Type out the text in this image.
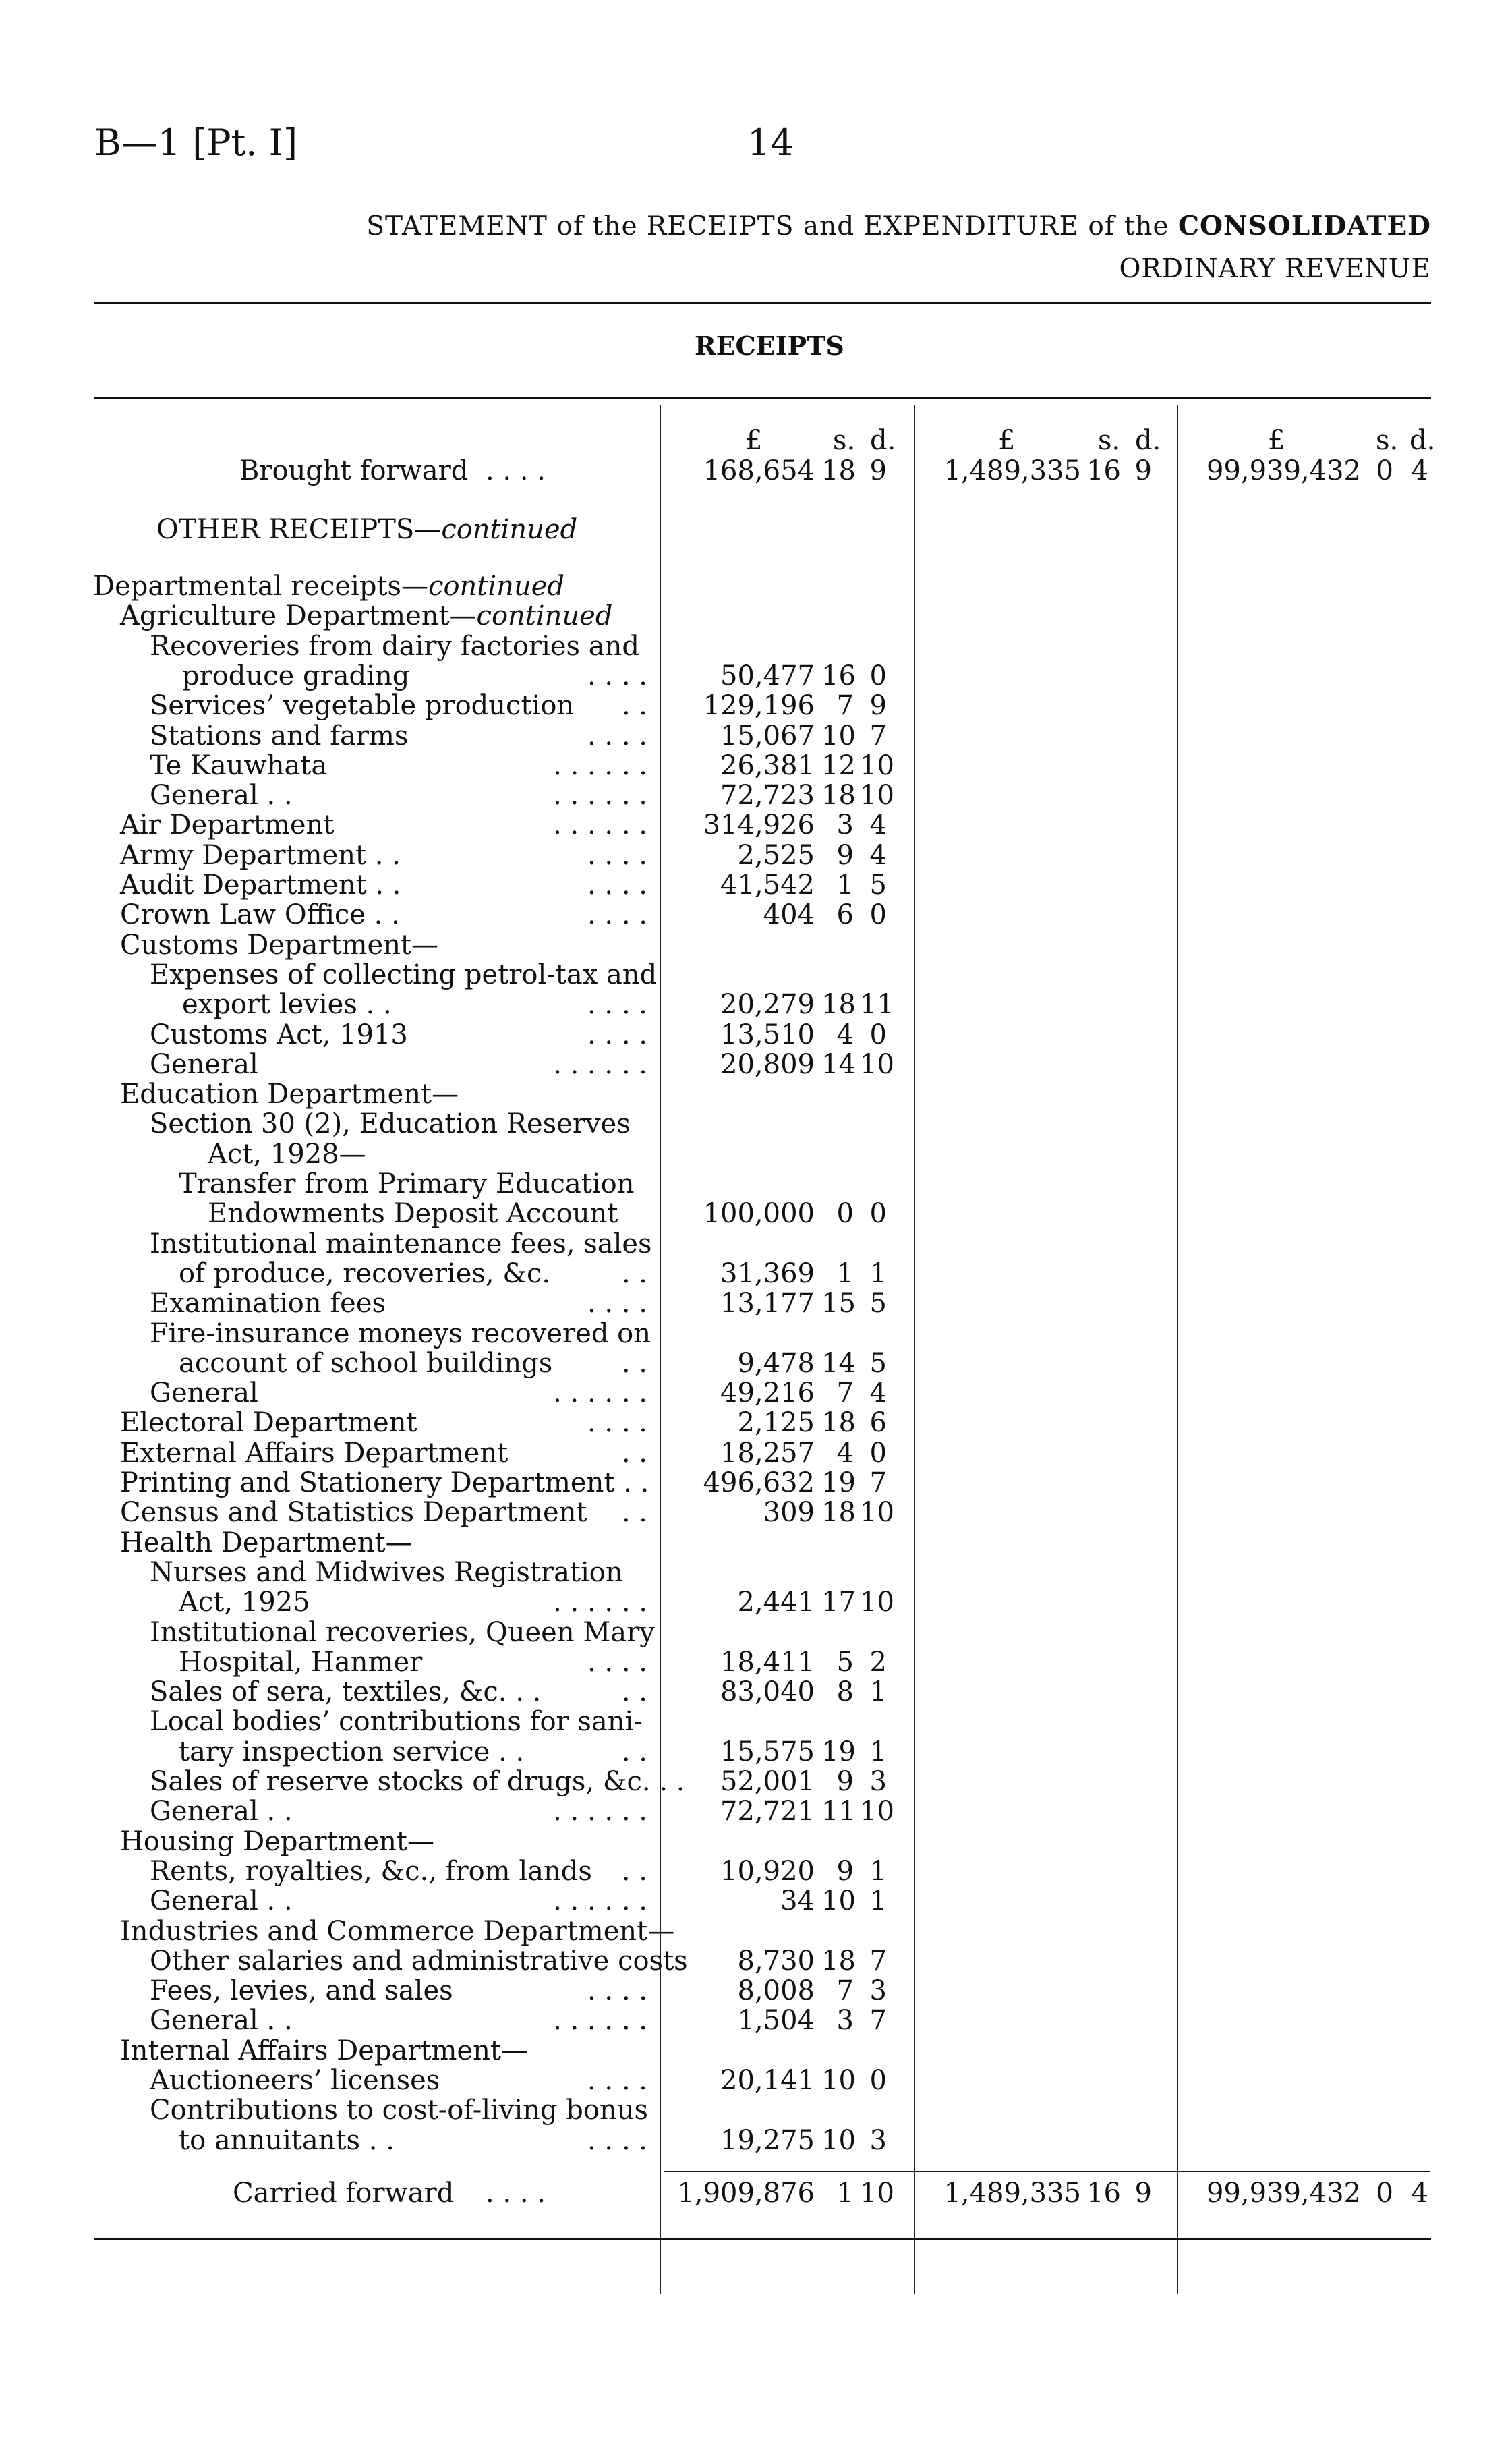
B—1 [Pt. I]	14
STATEMENT of the RECEIPTS and EXPENDITURE of the CONSOLIDATED
ORDINARY REVENUE
RECEIPTS
£	s. d.	£	s. d.	£	s. d.
Brought forward . . . .	168,654 18 9	1,489,335 16 9	99,939,432 0 4
OTHER RECEIPTS—continued
Departmental receipts—continued
Agriculture Department—continued
Recoveries from dairy factories and
produce grading	. . . .	50,477 16 0
Services’ vegetable production . .	129,196 7 9
Stations and farms	. . . .	15,067 10 7
Te Kauwhata	. . . . . .	26,381 12 10
General . .	. . . . . .	72,723 18 10
Air Department	. . . . . .	314,926 3 4
Army Department . .	. . . .	2,525 9 4
Audit Department . .	. . . .	41,542 1 5
Crown Law Office . .	. . . .	404 6 0
Customs Department—
Expenses of collecting petrol-tax and
export levies . .	. . . .	20,279 18 11
Customs Act, 1913	. . . .	13,510 4 0
General	. . . . . .	20,809 14 10
Education Department—
Section 30 (2), Education Reserves
Act, 1928—
Transfer from Primary Education
Endowments Deposit Account	100,000 0 0
Institutional maintenance fees, sales
of produce, recoveries, &c.	. .	31,369 1 1
Examination fees	. . . .	13,177 15 5
Fire-insurance moneys recovered on
account of school buildings	. .	9,478 14 5
General	. . . . . .	49,216 7 4
Electoral Department	. . . .	2,125 18 6
External Affairs Department	. .	18,257 4 0
Printing and Stationery Department . .	496,632 19 7
Census and Statistics Department . .	309 18 10
Health Department—
Nurses and Midwives Registration
Act, 1925	. . . . . .	2,441 17 10
Institutional recoveries, Queen Mary
Hospital, Hanmer	. . . .	18,411 5 2
Sales of sera, textiles, &c. . .	. .	83,040 8 1
Local bodies’ contributions for sani-
tary inspection service . .	. .	15,575 19 1
Sales of reserve stocks of drugs, &c. . .	52,001 9 3
General . .	. . . . . .	72,721 11 10
Housing Department—
Rents, royalties, &c., from lands . .	10,920 9 1
General . .	. . . . . .	34 10 1
Industries and Commerce Department—
Other salaries and administrative costs	8,730 18 7
Fees, levies, and sales	. . . .	8,008 7 3
General . .	. . . . . .	1,504 3 7
Internal Affairs Department—
Auctioneers’ licenses	. . . .	20,141 10 0
Contributions to cost-of-living bonus
to annuitants . .	. . . .	19,275 10 3
Carried forward . . . .	1,909,876 1 10	1,489,335 16 9	99,939,432 0 4
